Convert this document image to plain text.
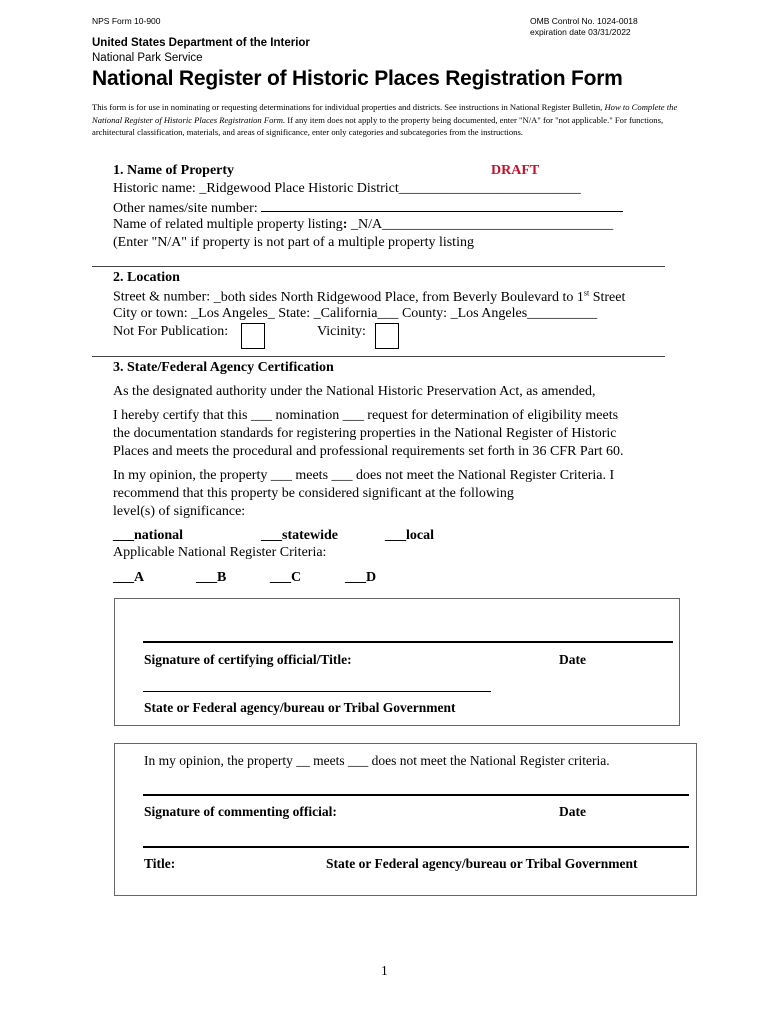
NPS Form 10-900	OMB Control No. 1024-0018
expiration date 03/31/2022
United States Department of the Interior
National Park Service
National Register of Historic Places Registration Form
This form is for use in nominating or requesting determinations for individual properties and districts. See instructions in National Register Bulletin, How to Complete the National Register of Historic Places Registration Form. If any item does not apply to the property being documented, enter "N/A" for "not applicable." For functions, architectural classification, materials, and areas of significance, enter only categories and subcategories from the instructions.
1. Name of Property	DRAFT
Historic name: _Ridgewood Place Historic District__________________________
Other names/site number:
Name of related multiple property listing: _N/A_________________________________
(Enter "N/A" if property is not part of a multiple property listing
2. Location
Street & number: _both sides North Ridgewood Place, from Beverly Boulevard to 1st Street
City or town: _Los Angeles_ State: _California___ County: _Los Angeles__________
Not For Publication:	Vicinity:
3. State/Federal Agency Certification
As the designated authority under the National Historic Preservation Act, as amended,
I hereby certify that this ___ nomination ___ request for determination of eligibility meets
the documentation standards for registering properties in the National Register of Historic
Places and meets the procedural and professional requirements set forth in 36 CFR Part 60.
In my opinion, the property ___ meets ___ does not meet the National Register Criteria. I
recommend that this property be considered significant at the following
level(s) of significance:
___national	___statewide	___local
Applicable National Register Criteria:
___A	___B	___C	___D
Signature of certifying official/Title:	Date
State or Federal agency/bureau or Tribal Government
In my opinion, the property __ meets ___ does not meet the National Register criteria.
Signature of commenting official:	Date
Title:	State or Federal agency/bureau or Tribal Government
1
